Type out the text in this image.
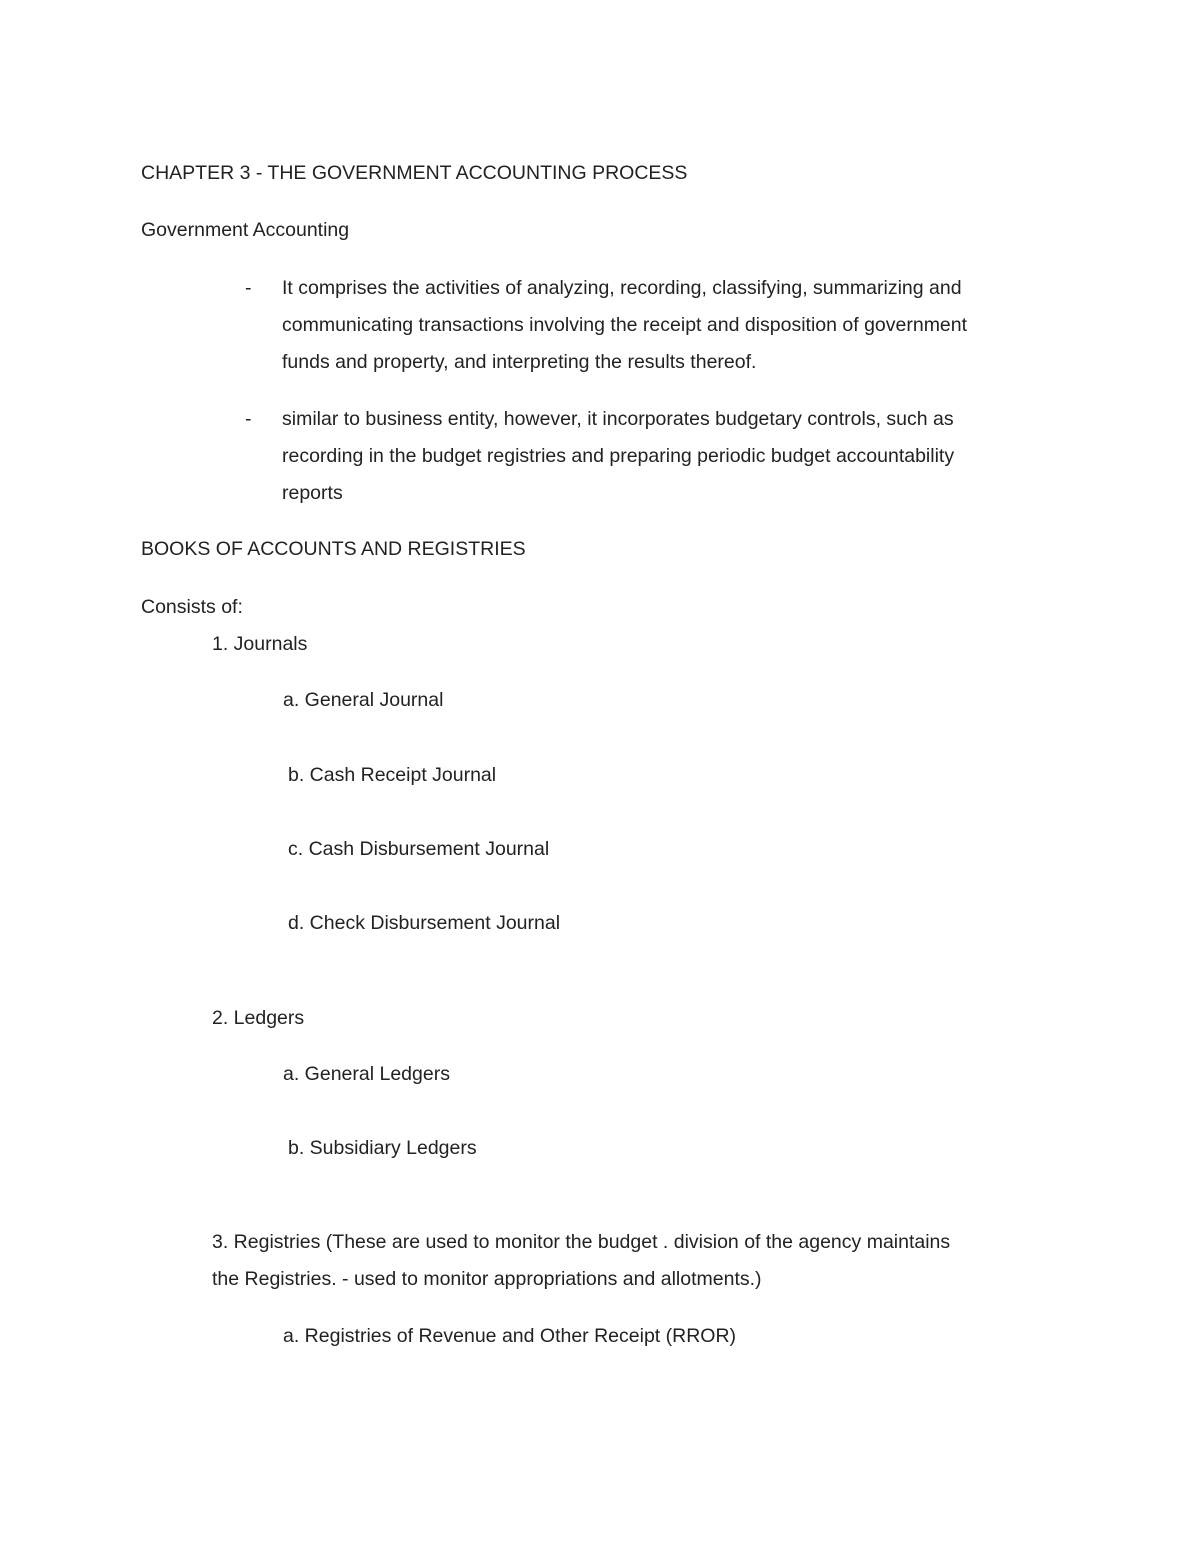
CHAPTER 3 - THE GOVERNMENT ACCOUNTING PROCESS
Government Accounting
- It comprises the activities of analyzing, recording, classifying, summarizing and
communicating transactions involving the receipt and disposition of government
funds and property, and interpreting the results thereof.
- similar to business entity, however, it incorporates budgetary controls, such as
recording in the budget registries and preparing periodic budget accountability
reports
BOOKS OF ACCOUNTS AND REGISTRIES
Consists of:
1. Journals
a. General Journal
b. Cash Receipt Journal
c. Cash Disbursement Journal
d. Check Disbursement Journal
2. Ledgers
a. General Ledgers
b. Subsidiary Ledgers
3. Registries (These are used to monitor the budget . division of the agency maintains
the Registries. - used to monitor appropriations and allotments.)
a. Registries of Revenue and Other Receipt (RROR)
